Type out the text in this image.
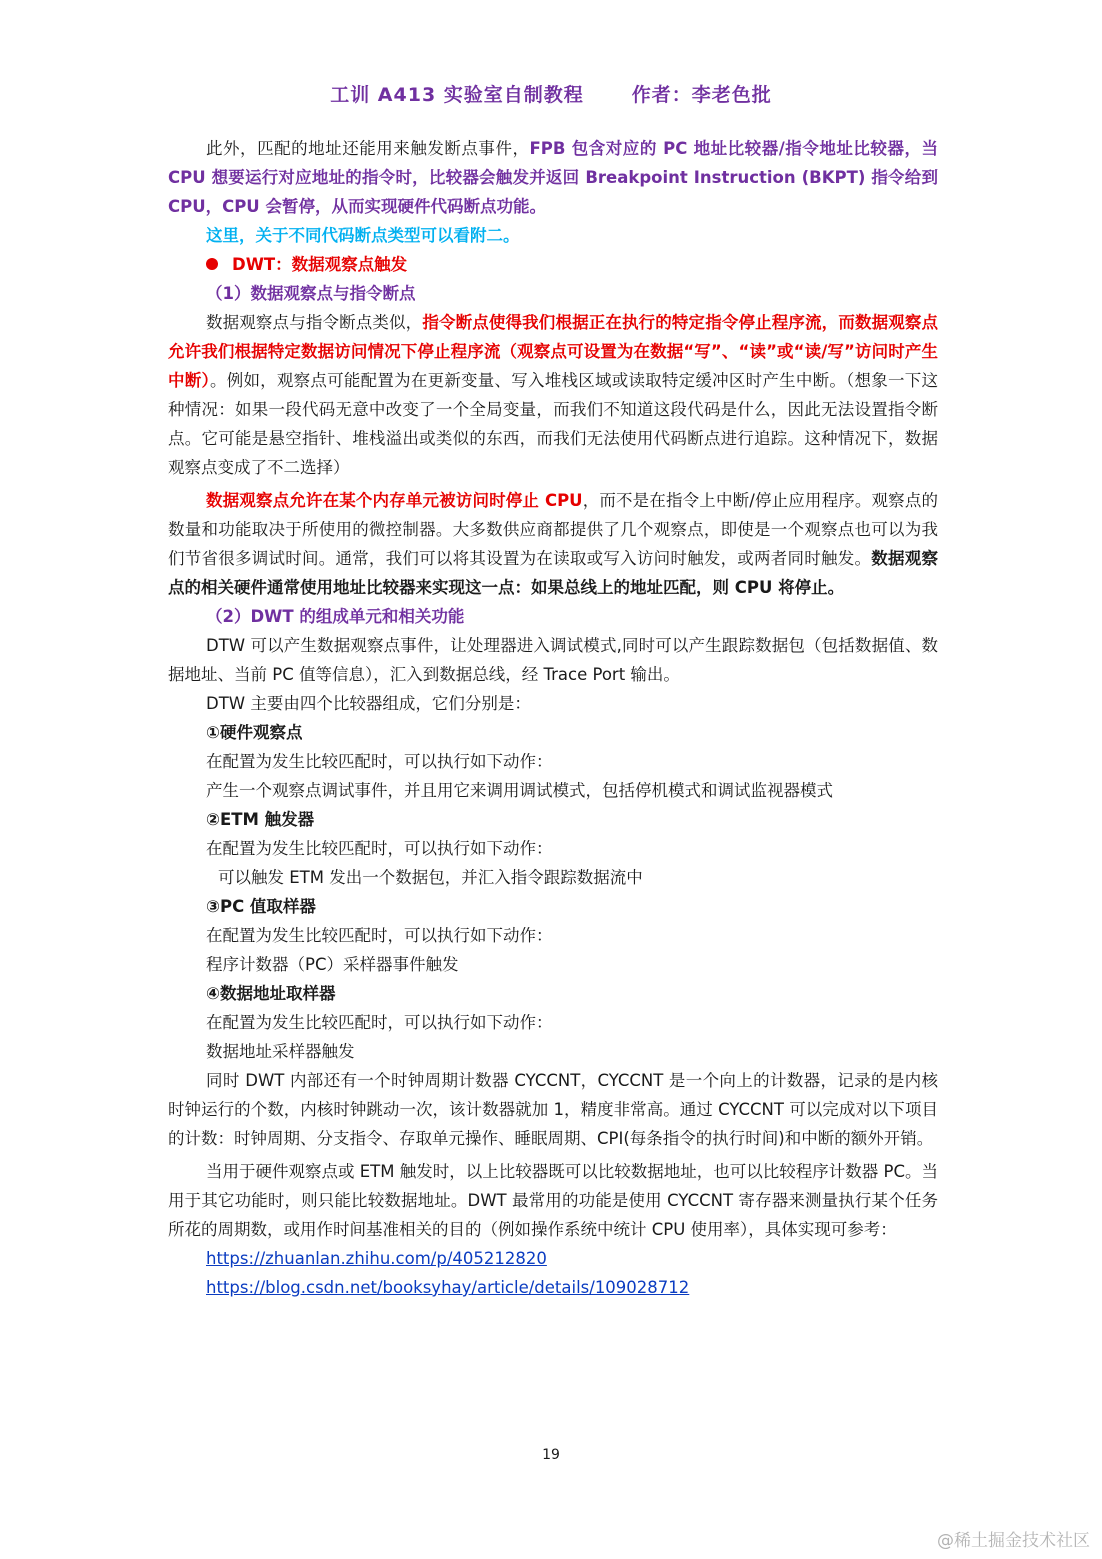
工训 A413 实验室自制教程	作者：李老色批

此外，匹配的地址还能用来触发断点事件，FPB 包含对应的 PC 地址比较器/指令地址比较器，当 CPU 想要运行对应地址的指令时，比较器会触发并返回 Breakpoint Instruction (BKPT) 指令给到 CPU，CPU 会暂停，从而实现硬件代码断点功能。

这里，关于不同代码断点类型可以看附二。

DWT：数据观察点触发

（1）数据观察点与指令断点

数据观察点与指令断点类似，指令断点使得我们根据正在执行的特定指令停止程序流，而数据观察点允许我们根据特定数据访问情况下停止程序流（观察点可设置为在数据“写”、“读”或“读/写”访问时产生中断）。例如，观察点可能配置为在更新变量、写入堆栈区域或读取特定缓冲区时产生中断。（想象一下这种情况：如果一段代码无意中改变了一个全局变量，而我们不知道这段代码是什么，因此无法设置指令断点。它可能是悬空指针、堆栈溢出或类似的东西，而我们无法使用代码断点进行追踪。这种情况下，数据观察点变成了不二选择）

数据观察点允许在某个内存单元被访问时停止 CPU，而不是在指令上中断/停止应用程序。观察点的数量和功能取决于所使用的微控制器。大多数供应商都提供了几个观察点，即使是一个观察点也可以为我们节省很多调试时间。通常，我们可以将其设置为在读取或写入访问时触发，或两者同时触发。数据观察点的相关硬件通常使用地址比较器来实现这一点：如果总线上的地址匹配，则 CPU 将停止。

（2）DWT 的组成单元和相关功能

DTW 可以产生数据观察点事件，让处理器进入调试模式,同时可以产生跟踪数据包（包括数据值、数据地址、当前 PC 值等信息），汇入到数据总线，经 Trace Port 输出。

DTW 主要由四个比较器组成，它们分别是：

①硬件观察点

在配置为发生比较匹配时，可以执行如下动作：

产生一个观察点调试事件，并且用它来调用调试模式，包括停机模式和调试监视器模式

②ETM 触发器

在配置为发生比较匹配时，可以执行如下动作：

可以触发 ETM 发出一个数据包，并汇入指令跟踪数据流中

③PC 值取样器

在配置为发生比较匹配时，可以执行如下动作：

程序计数器（PC）采样器事件触发

④数据地址取样器

在配置为发生比较匹配时，可以执行如下动作：

数据地址采样器触发

同时 DWT 内部还有一个时钟周期计数器 CYCCNT，CYCCNT 是一个向上的计数器，记录的是内核时钟运行的个数，内核时钟跳动一次，该计数器就加 1，精度非常高。通过 CYCCNT 可以完成对以下项目的计数：时钟周期、分支指令、存取单元操作、睡眠周期、CPI(每条指令的执行时间)和中断的额外开销。

当用于硬件观察点或 ETM 触发时，以上比较器既可以比较数据地址，也可以比较程序计数器 PC。当用于其它功能时，则只能比较数据地址。DWT 最常用的功能是使用 CYCCNT 寄存器来测量执行某个任务所花的周期数，或用作时间基准相关的目的（例如操作系统中统计 CPU 使用率），具体实现可参考：

https://zhuanlan.zhihu.com/p/405212820

https://blog.csdn.net/booksyhay/article/details/109028712

19
@稀土掘金技术社区
